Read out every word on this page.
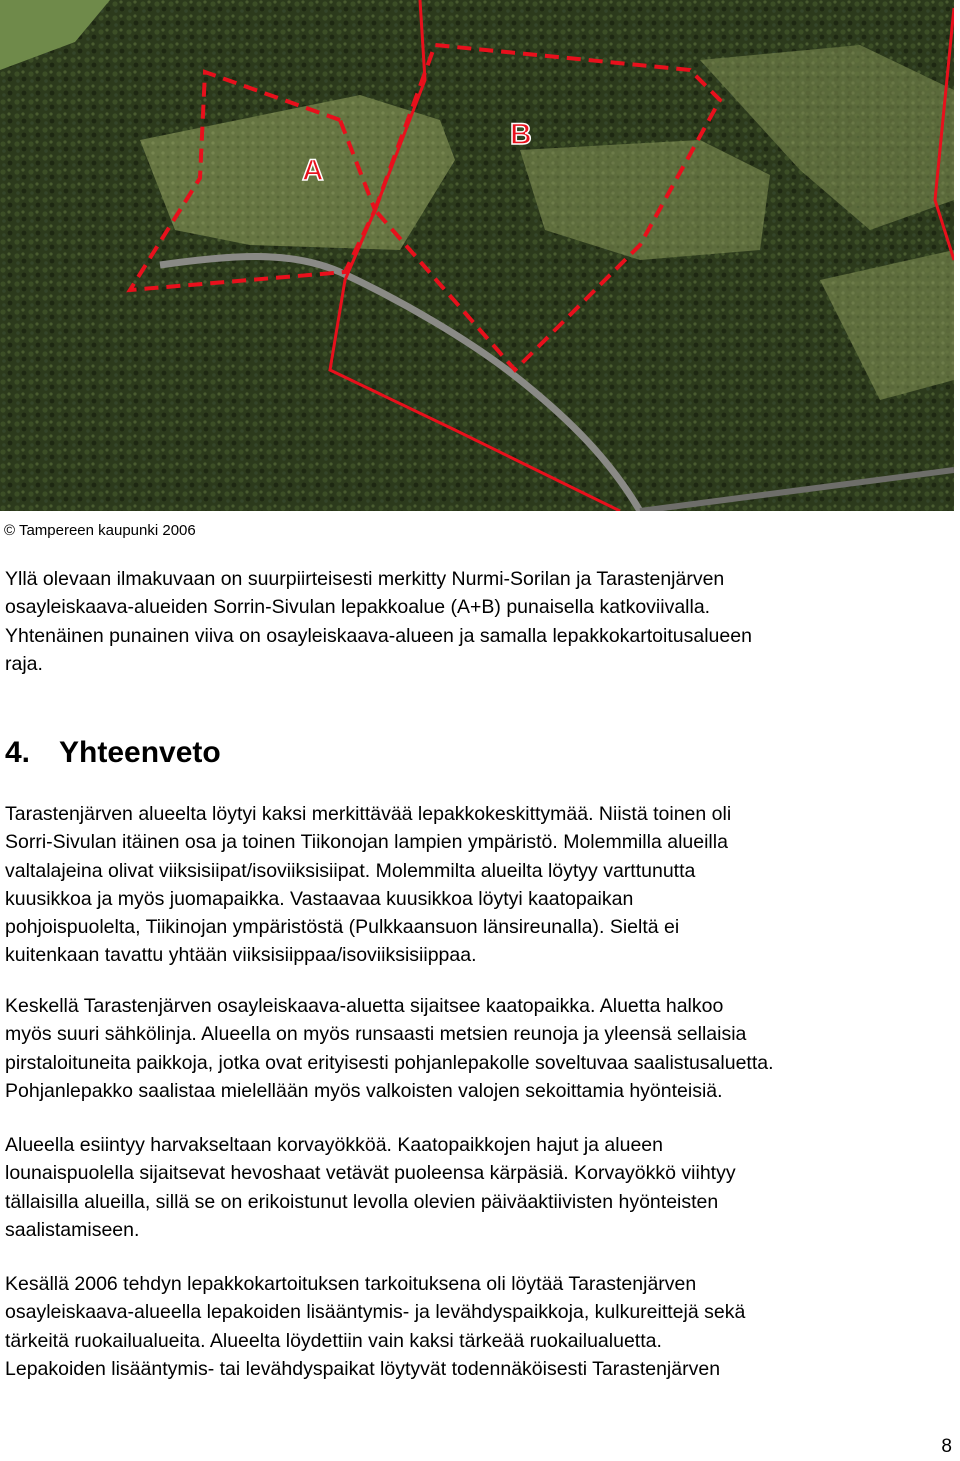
A
B
© Tampereen kaupunki 2006

Yllä olevaan ilmakuvaan on suurpiirteisesti merkitty Nurmi-Sorilan ja Tarastenjärven
osayleiskaava-alueiden Sorrin-Sivulan lepakkoalue (A+B) punaisella katkoviivalla.
Yhtenäinen punainen viiva on osayleiskaava-alueen ja samalla lepakkokartoitusalueen
raja.

4. Yhteenveto

Tarastenjärven alueelta löytyi kaksi merkittävää lepakkokeskittymää. Niistä toinen oli
Sorri-Sivulan itäinen osa ja toinen Tiikonojan lampien ympäristö. Molemmilla alueilla
valtalajeina olivat viiksisiipat/isoviiksisiipat. Molemmilta alueilta löytyy varttunutta
kuusikkoa ja myös juomapaikka. Vastaavaa kuusikkoa löytyi kaatopaikan
pohjoispuolelta, Tiikinojan ympäristöstä (Pulkkaansuon länsireunalla). Sieltä ei
kuitenkaan tavattu yhtään viiksisiippaa/isoviiksisiippaa.

Keskellä Tarastenjärven osayleiskaava-aluetta sijaitsee kaatopaikka. Aluetta halkoo
myös suuri sähkölinja. Alueella on myös runsaasti metsien reunoja ja yleensä sellaisia
pirstaloituneita paikkoja, jotka ovat erityisesti pohjanlepakolle soveltuvaa saalistusaluetta.
Pohjanlepakko saalistaa mielellään myös valkoisten valojen sekoittamia hyönteisiä.

Alueella esiintyy harvakseltaan korvayökköä. Kaatopaikkojen hajut ja alueen
lounaispuolella sijaitsevat hevoshaat vetävät puoleensa kärpäsiä. Korvayökkö viihtyy
tällaisilla alueilla, sillä se on erikoistunut levolla olevien päiväaktiivisten hyönteisten
saalistamiseen.

Kesällä 2006 tehdyn lepakkokartoituksen tarkoituksena oli löytää Tarastenjärven
osayleiskaava-alueella lepakoiden lisääntymis- ja levähdyspaikkoja, kulkureittejä sekä
tärkeitä ruokailualueita. Alueelta löydettiin vain kaksi tärkeää ruokailualuetta.
Lepakoiden lisääntymis- tai levähdyspaikat löytyvät todennäköisesti Tarastenjärven

8
